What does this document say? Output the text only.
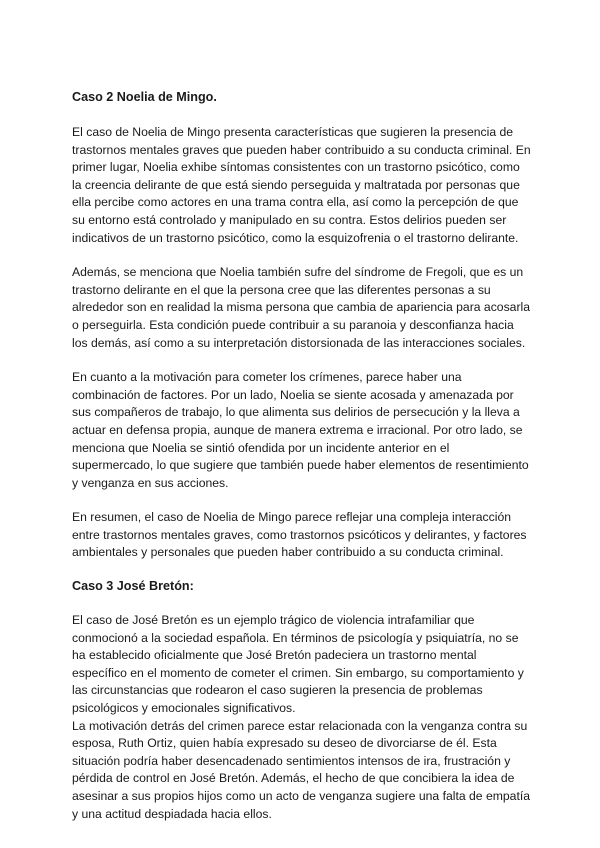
Caso 2 Noelia de Mingo.

El caso de Noelia de Mingo presenta características que sugieren la presencia de
trastornos mentales graves que pueden haber contribuido a su conducta criminal. En
primer lugar, Noelia exhibe síntomas consistentes con un trastorno psicótico, como
la creencia delirante de que está siendo perseguida y maltratada por personas que
ella percibe como actores en una trama contra ella, así como la percepción de que
su entorno está controlado y manipulado en su contra. Estos delirios pueden ser
indicativos de un trastorno psicótico, como la esquizofrenia o el trastorno delirante.

Además, se menciona que Noelia también sufre del síndrome de Fregoli, que es un
trastorno delirante en el que la persona cree que las diferentes personas a su
alrededor son en realidad la misma persona que cambia de apariencia para acosarla
o perseguirla. Esta condición puede contribuir a su paranoia y desconfianza hacia
los demás, así como a su interpretación distorsionada de las interacciones sociales.

En cuanto a la motivación para cometer los crímenes, parece haber una
combinación de factores. Por un lado, Noelia se siente acosada y amenazada por
sus compañeros de trabajo, lo que alimenta sus delirios de persecución y la lleva a
actuar en defensa propia, aunque de manera extrema e irracional. Por otro lado, se
menciona que Noelia se sintió ofendida por un incidente anterior en el
supermercado, lo que sugiere que también puede haber elementos de resentimiento
y venganza en sus acciones.

En resumen, el caso de Noelia de Mingo parece reflejar una compleja interacción
entre trastornos mentales graves, como trastornos psicóticos y delirantes, y factores
ambientales y personales que pueden haber contribuido a su conducta criminal.

Caso 3 José Bretón:

El caso de José Bretón es un ejemplo trágico de violencia intrafamiliar que
conmocionó a la sociedad española. En términos de psicología y psiquiatría, no se
ha establecido oficialmente que José Bretón padeciera un trastorno mental
específico en el momento de cometer el crimen. Sin embargo, su comportamiento y
las circunstancias que rodearon el caso sugieren la presencia de problemas
psicológicos y emocionales significativos.
La motivación detrás del crimen parece estar relacionada con la venganza contra su
esposa, Ruth Ortiz, quien había expresado su deseo de divorciarse de él. Esta
situación podría haber desencadenado sentimientos intensos de ira, frustración y
pérdida de control en José Bretón. Además, el hecho de que concibiera la idea de
asesinar a sus propios hijos como un acto de venganza sugiere una falta de empatía
y una actitud despiadada hacia ellos.
